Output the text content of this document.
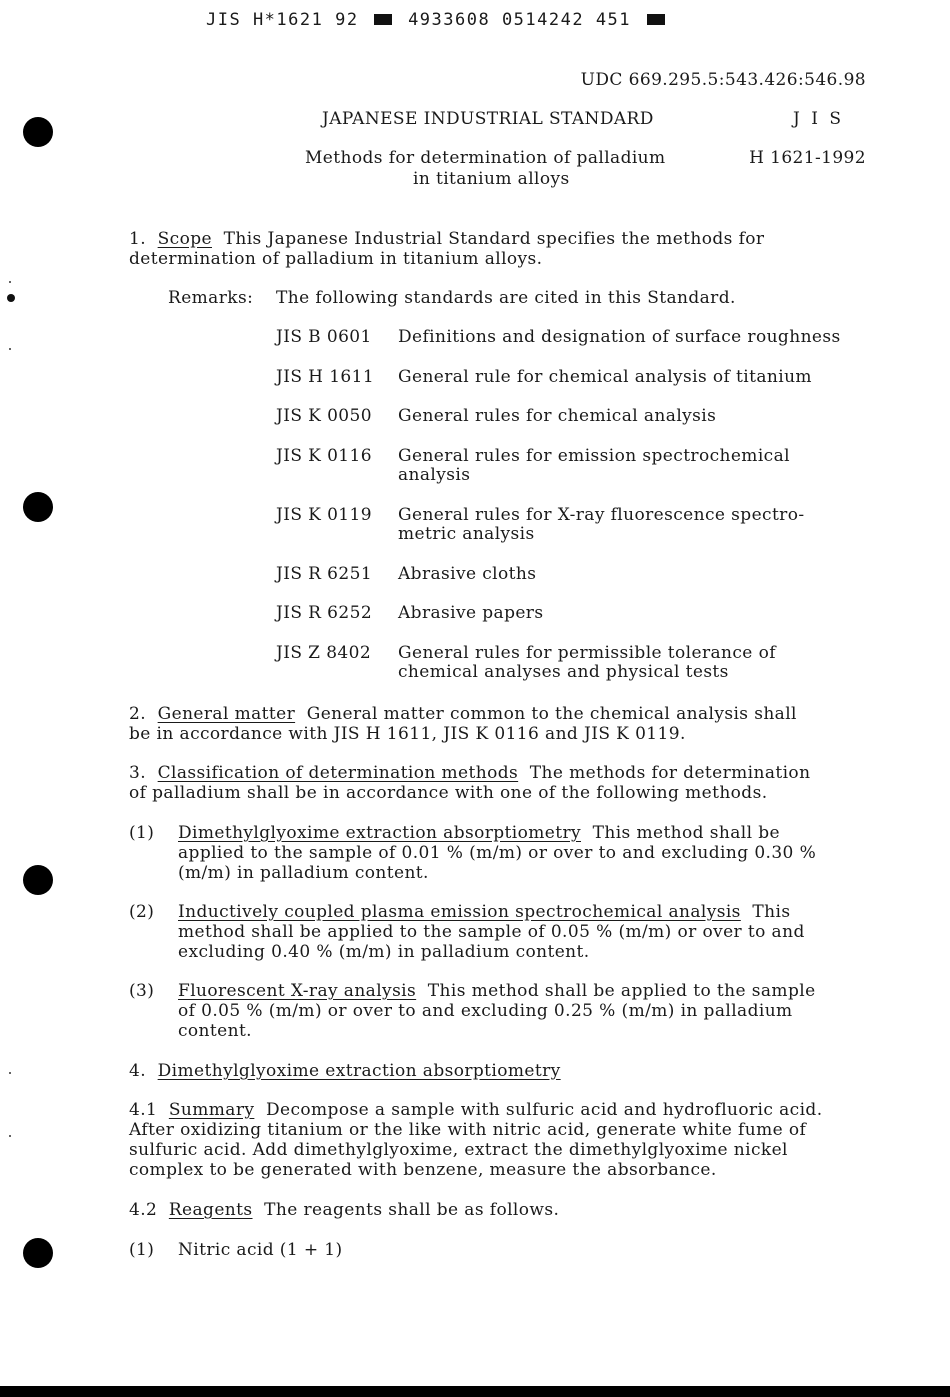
JIS H*1621 92	4933608 0514242 451
UDC 669.295.5:543.426:546.98
JAPANESE INDUSTRIAL STANDARD	J I S
Methods for determination of palladium
in titanium alloys
H 1621-1992
1. Scope This Japanese Industrial Standard specifies the methods for
determination of palladium in titanium alloys.
Remarks: The following standards are cited in this Standard.
JIS B 0601 Definitions and designation of surface roughness
JIS H 1611 General rule for chemical analysis of titanium
JIS K 0050 General rules for chemical analysis
JIS K 0116 General rules for emission spectrochemical
analysis
JIS K 0119 General rules for X-ray fluorescence spectro-
metric analysis
JIS R 6251 Abrasive cloths
JIS R 6252 Abrasive papers
JIS Z 8402 General rules for permissible tolerance of
chemical analyses and physical tests
2. General matter General matter common to the chemical analysis shall
be in accordance with JIS H 1611, JIS K 0116 and JIS K 0119.
3. Classification of determination methods The methods for determination
of palladium shall be in accordance with one of the following methods.
(1) Dimethylglyoxime extraction absorptiometry This method shall be
applied to the sample of 0.01 % (m/m) or over to and excluding 0.30 %
(m/m) in palladium content.
(2) Inductively coupled plasma emission spectrochemical analysis This
method shall be applied to the sample of 0.05 % (m/m) or over to and
excluding 0.40 % (m/m) in palladium content.
(3) Fluorescent X-ray analysis This method shall be applied to the sample
of 0.05 % (m/m) or over to and excluding 0.25 % (m/m) in palladium
content.
4. Dimethylglyoxime extraction absorptiometry
4.1 Summary Decompose a sample with sulfuric acid and hydrofluoric acid.
After oxidizing titanium or the like with nitric acid, generate white fume of
sulfuric acid. Add dimethylglyoxime, extract the dimethylglyoxime nickel
complex to be generated with benzene, measure the absorbance.
4.2 Reagents The reagents shall be as follows.
(1) Nitric acid (1 + 1)
